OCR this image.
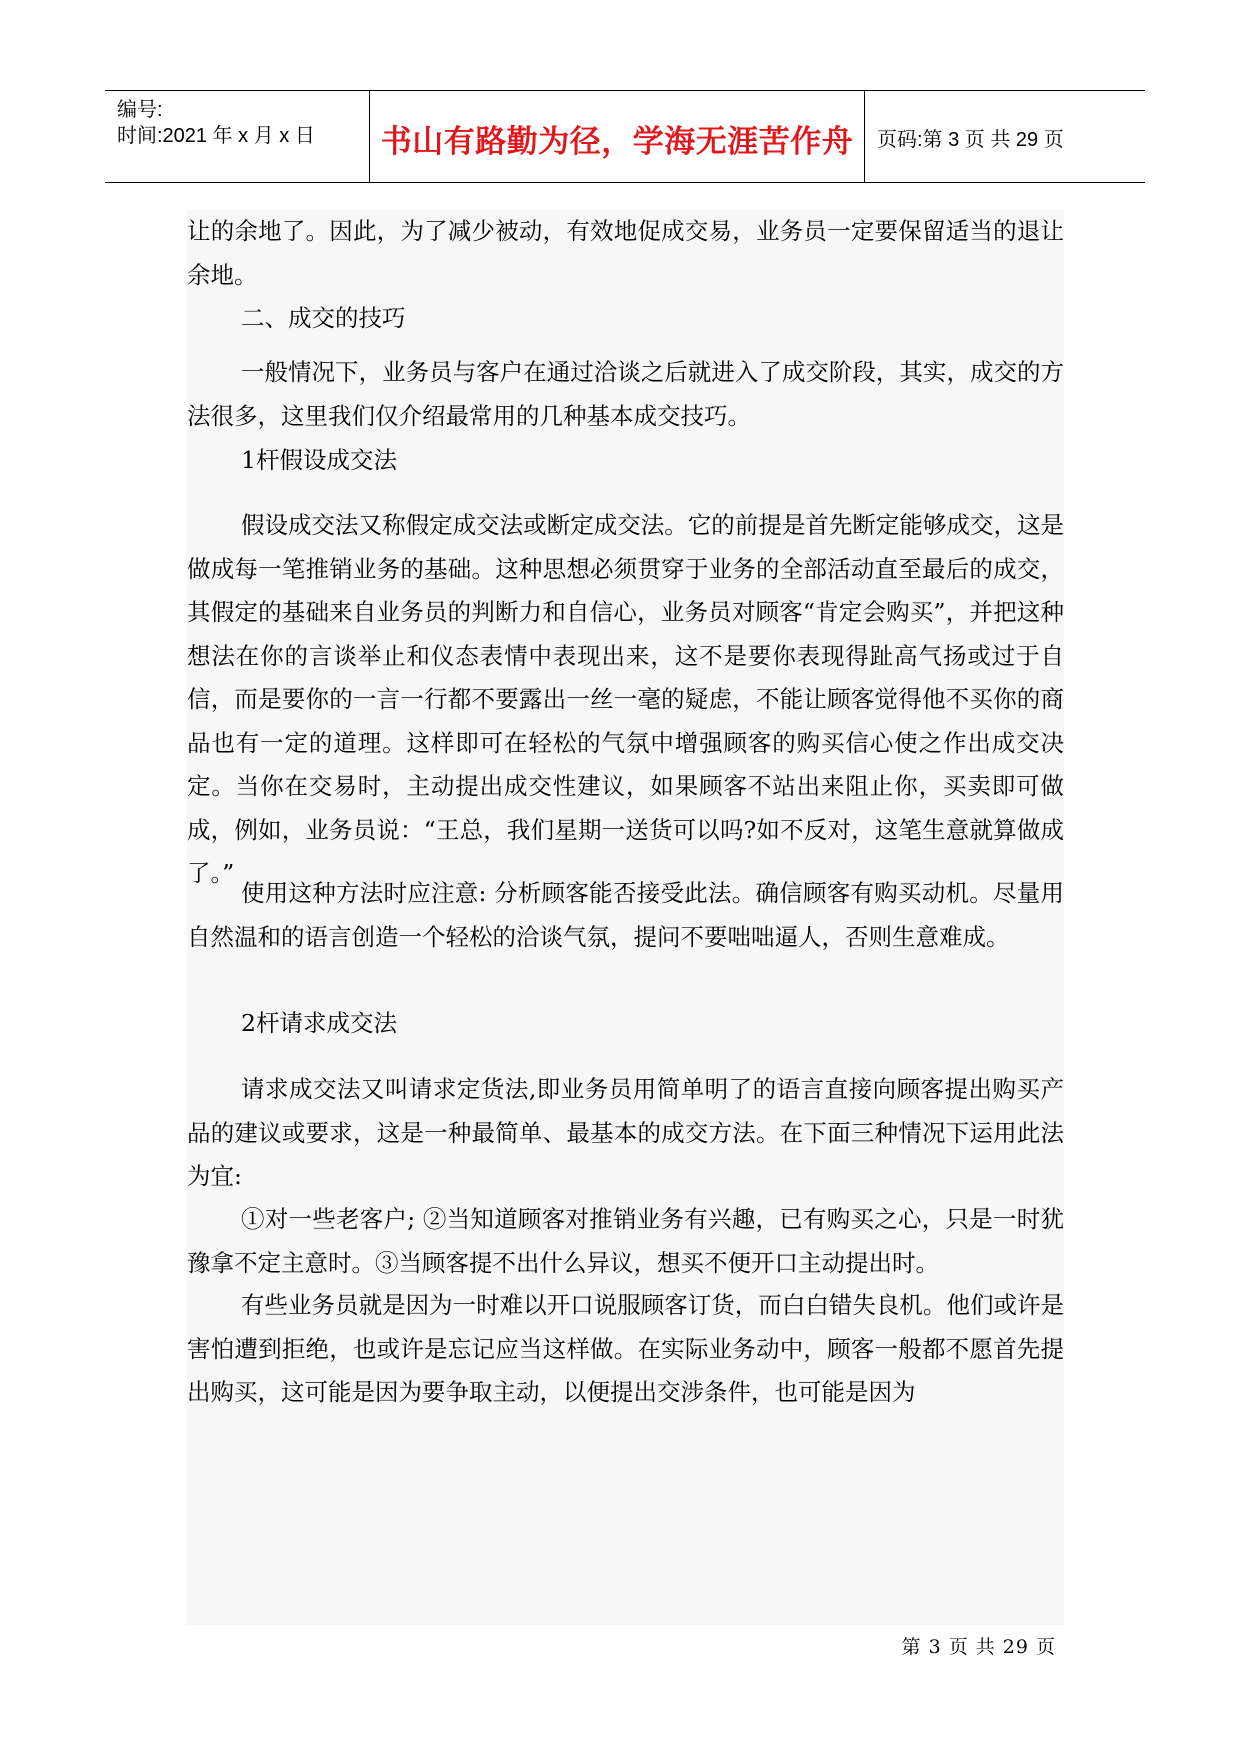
编号:
时间:2021 年 x 月 x 日	书山有路勤为径，学海无涯苦作舟	页码:第 3 页 共 29 页

让的余地了。因此，为了减少被动，有效地促成交易，业务员一定要保留适当的退让余地。

二、成交的技巧

一般情况下，业务员与客户在通过洽谈之后就进入了成交阶段，其实，成交的方法很多，这里我们仅介绍最常用的几种基本成交技巧。

1杆假设成交法

假设成交法又称假定成交法或断定成交法。它的前提是首先断定能够成交，这是做成每一笔推销业务的基础。这种思想必须贯穿于业务的全部活动直至最后的成交，其假定的基础来自业务员的判断力和自信心，业务员对顾客“肯定会购买”，并把这种想法在你的言谈举止和仪态表情中表现出来，这不是要你表现得趾高气扬或过于自信，而是要你的一言一行都不要露出一丝一毫的疑虑，不能让顾客觉得他不买你的商品也有一定的道理。这样即可在轻松的气氛中增强顾客的购买信心使之作出成交决定。当你在交易时，主动提出成交性建议，如果顾客不站出来阻止你，买卖即可做成，例如，业务员说：“王总，我们星期一送货可以吗?如不反对，这笔生意就算做成了。”

使用这种方法时应注意: 分析顾客能否接受此法。确信顾客有购买动机。尽量用自然温和的语言创造一个轻松的洽谈气氛，提问不要咄咄逼人，否则生意难成。

2杆请求成交法

请求成交法又叫请求定货法,即业务员用简单明了的语言直接向顾客提出购买产品的建议或要求，这是一种最简单、最基本的成交方法。在下面三种情况下运用此法为宜:

①对一些老客户; ②当知道顾客对推销业务有兴趣，已有购买之心，只是一时犹豫拿不定主意时。③当顾客提不出什么异议，想买不便开口主动提出时。

有些业务员就是因为一时难以开口说服顾客订货，而白白错失良机。他们或许是害怕遭到拒绝，也或许是忘记应当这样做。在实际业务动中，顾客一般都不愿首先提出购买，这可能是因为要争取主动，以便提出交涉条件，也可能是因为

第 3 页 共 29 页
